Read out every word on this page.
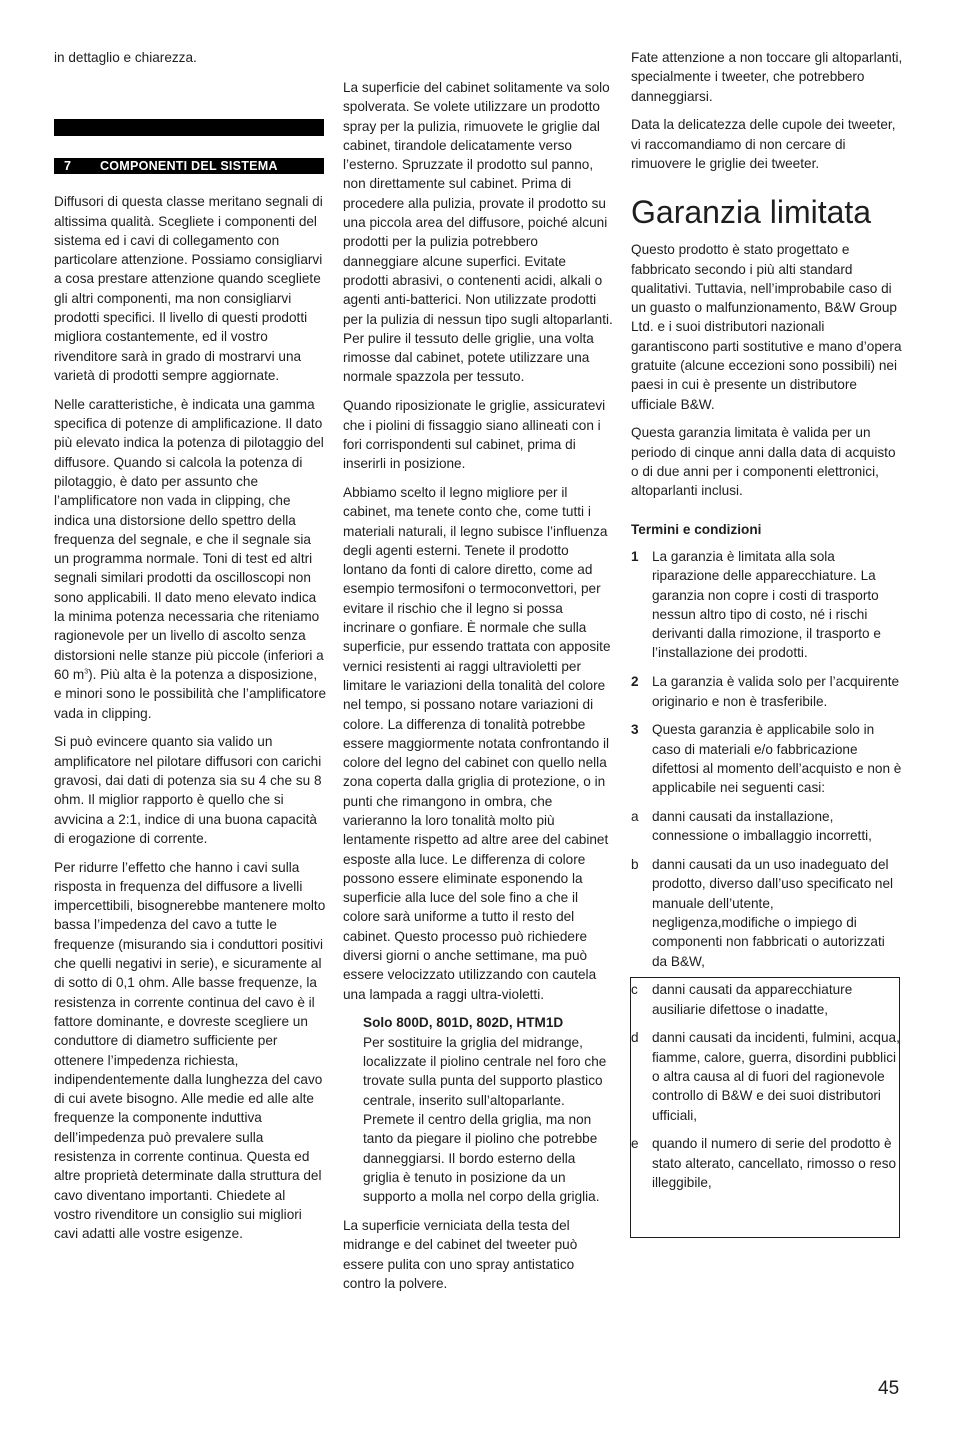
in dettaglio e chiarezza.

7	COMPONENTI DEL SISTEMA

Diffusori di questa classe meritano segnali di altissima qualità. Scegliete i componenti del sistema ed i cavi di collegamento con particolare attenzione. Possiamo consigliarvi a cosa prestare attenzione quando scegliete gli altri componenti, ma non consigliarvi prodotti specifici. Il livello di questi prodotti migliora costantemente, ed il vostro rivenditore sarà in grado di mostrarvi una varietà di prodotti sempre aggiornate.

Nelle caratteristiche, è indicata una gamma specifica di potenze di amplificazione. Il dato più elevato indica la potenza di pilotaggio del diffusore. Quando si calcola la potenza di pilotaggio, è dato per assunto che l’amplificatore non vada in clipping, che indica una distorsione dello spettro della frequenza del segnale, e che il segnale sia un programma normale. Toni di test ed altri segnali similari prodotti da oscilloscopi non sono applicabili. Il dato meno elevato indica la minima potenza necessaria che riteniamo ragionevole per un livello di ascolto senza distorsioni nelle stanze più piccole (inferiori a 60 $m^3$). Più alta è la potenza a disposizione, e minori sono le possibilità che l’amplificatore vada in clipping.

Si può evincere quanto sia valido un amplificatore nel pilotare diffusori con carichi gravosi, dai dati di potenza sia su 4 che su 8 ohm. Il miglior rapporto è quello che si avvicina a 2:1, indice di una buona capacità di erogazione di corrente.

Per ridurre l’effetto che hanno i cavi sulla risposta in frequenza del diffusore a livelli impercettibili, bisognerebbe mantenere molto bassa l’impedenza del cavo a tutte le frequenze (misurando sia i conduttori positivi che quelli negativi in serie), e sicuramente al di sotto di 0,1 ohm. Alle basse frequenze, la resistenza in corrente continua del cavo è il fattore dominante, e dovreste scegliere un conduttore di diametro sufficiente per ottenere l’impedenza richiesta, indipendentemente dalla lunghezza del cavo di cui avete bisogno. Alle medie ed alle alte frequenze la componente induttiva dell’impedenza può prevalere sulla resistenza in corrente continua. Questa ed altre proprietà determinate dalla struttura del cavo diventano importanti. Chiedete al vostro rivenditore un consiglio sui migliori cavi adatti alle vostre esigenze.

La superficie del cabinet solitamente va solo spolverata. Se volete utilizzare un prodotto spray per la pulizia, rimuovete le griglie dal cabinet, tirandole delicatamente verso l’esterno. Spruzzate il prodotto sul panno, non direttamente sul cabinet. Prima di procedere alla pulizia, provate il prodotto su una piccola area del diffusore, poiché alcuni prodotti per la pulizia potrebbero danneggiare alcune superfici. Evitate prodotti abrasivi, o contenenti acidi, alkali o agenti anti-batterici. Non utilizzate prodotti per la pulizia di nessun tipo sugli altoparlanti. Per pulire il tessuto delle griglie, una volta rimosse dal cabinet, potete utilizzare una normale spazzola per tessuto.

Quando riposizionate le griglie, assicuratevi che i piolini di fissaggio siano allineati con i fori corrispondenti sul cabinet, prima di inserirli in posizione.

Abbiamo scelto il legno migliore per il cabinet, ma tenete conto che, come tutti i materiali naturali, il legno subisce l’influenza degli agenti esterni. Tenete il prodotto lontano da fonti di calore diretto, come ad esempio termosifoni o termoconvettori, per evitare il rischio che il legno si possa incrinare o gonfiare. È normale che sulla superficie, pur essendo trattata con apposite vernici resistenti ai raggi ultravioletti per limitare le variazioni della tonalità del colore nel tempo, si possano notare variazioni di colore. La differenza di tonalità potrebbe essere maggiormente notata confrontando il colore del legno del cabinet con quello nella zona coperta dalla griglia di protezione, o in punti che rimangono in ombra, che varieranno la loro tonalità molto più lentamente rispetto ad altre aree del cabinet esposte alla luce. Le differenza di colore possono essere eliminate esponendo la superficie alla luce del sole fino a che il colore sarà uniforme a tutto il resto del cabinet. Questo processo può richiedere diversi giorni o anche settimane, ma può essere velocizzato utilizzando con cautela una lampada a raggi ultra-violetti.

Solo 800D, 801D, 802D, HTM1D

Per sostituire la griglia del midrange, localizzate il piolino centrale nel foro che trovate sulla punta del supporto plastico centrale, inserito sull’altoparlante. Premete il centro della griglia, ma non tanto da piegare il piolino che potrebbe danneggiarsi. Il bordo esterno della griglia è tenuto in posizione da un supporto a molla nel corpo della griglia.

La superficie verniciata della testa del midrange e del cabinet del tweeter può essere pulita con uno spray antistatico contro la polvere.

Fate attenzione a non toccare gli altoparlanti, specialmente i tweeter, che potrebbero danneggiarsi.

Data la delicatezza delle cupole dei tweeter, vi raccomandiamo di non cercare di rimuovere le griglie dei tweeter.

Garanzia limitata

Questo prodotto è stato progettato e fabbricato secondo i più alti standard qualitativi. Tuttavia, nell’improbabile caso di un guasto o malfunzionamento, B&W Group Ltd. e i suoi distributori nazionali garantiscono parti sostitutive e mano d’opera gratuite (alcune eccezioni sono possibili) nei paesi in cui è presente un distributore ufficiale B&W.

Questa garanzia limitata è valida per un periodo di cinque anni dalla data di acquisto o di due anni per i componenti elettronici, altoparlanti inclusi.

Termini e condizioni
1 La garanzia è limitata alla sola riparazione delle apparecchiature. La garanzia non copre i costi di trasporto nessun altro tipo di costo, né i rischi derivanti dalla rimozione, il trasporto e l’installazione dei prodotti.
2 La garanzia è valida solo per l’acquirente originario e non è trasferibile.
3 Questa garanzia è applicabile solo in caso di materiali e/o fabbricazione difettosi al momento dell’acquisto e non è applicabile nei seguenti casi:
a danni causati da installazione, connessione o imballaggio incorretti,
b danni causati da un uso inadeguato del prodotto, diverso dall’uso specificato nel manuale dell’utente, negligenza,modifiche o impiego di componenti non fabbricati o autorizzati da B&W,
c	danni causati da apparecchiature ausiliarie difettose o inadatte,
d danni causati da incidenti, fulmini, acqua, fiamme, calore, guerra, disordini pubblici o altra causa al di fuori del ragionevole controllo di B&W e dei suoi distributori ufficiali,
e quando il numero di serie del prodotto è stato alterato, cancellato, rimosso o reso illeggibile,
45
